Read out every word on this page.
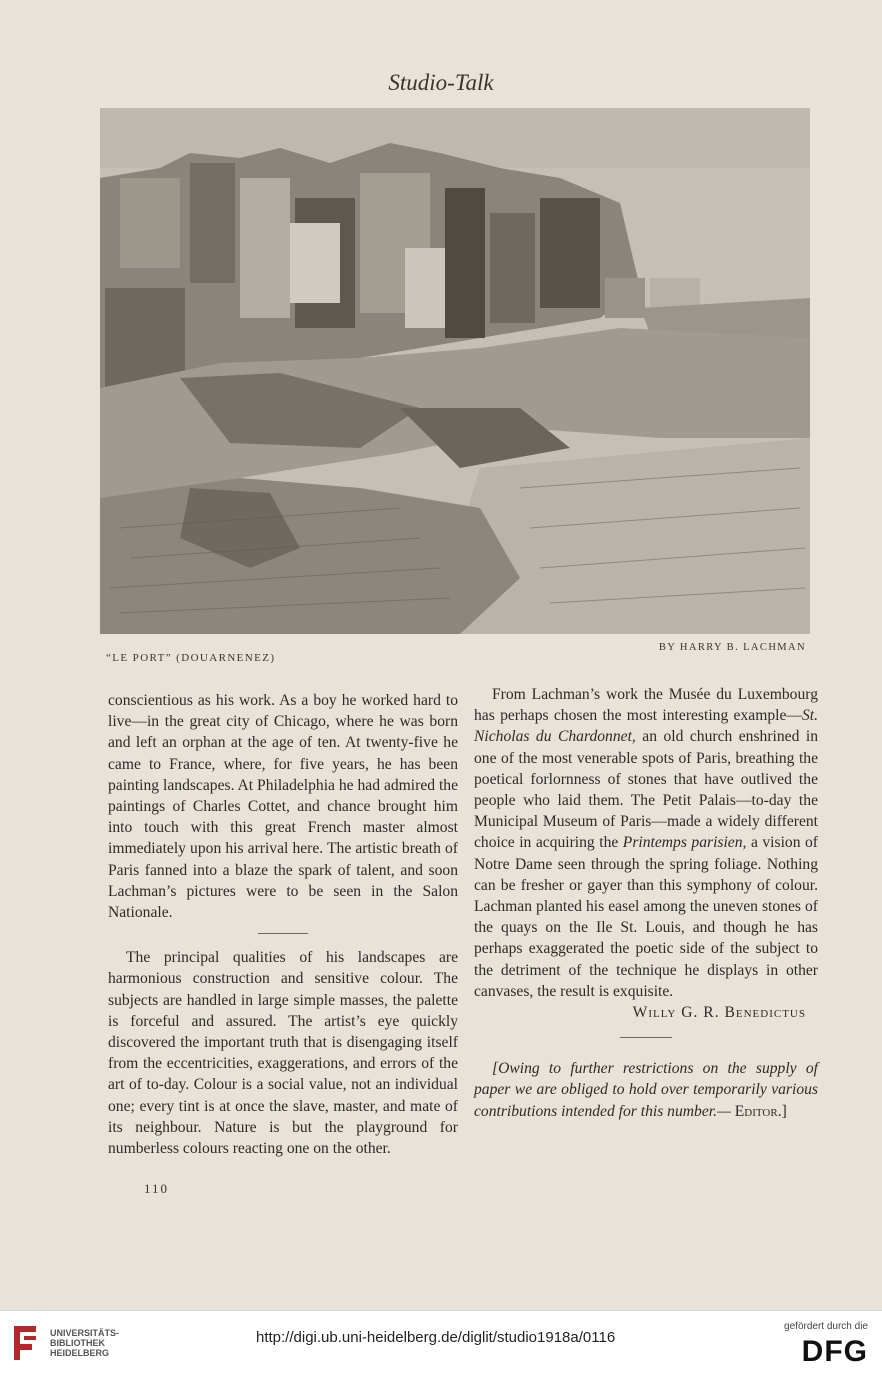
Studio-Talk
“LE PORT” (DOUARNENEZ)
BY HARRY B. LACHMAN

conscientious as his work. As a boy he worked hard to live—in the great city of Chicago, where he was born and left an orphan at the age of ten. At twenty-five he came to France, where, for five years, he has been painting landscapes. At Philadelphia he had admired the paintings of Charles Cottet, and chance brought him into touch with this great French master almost immediately upon his arrival here. The artistic breath of Paris fanned into a blaze the spark of talent, and soon Lachman’s pictures were to be seen in the Salon Nationale.

The principal qualities of his landscapes are harmonious construction and sensitive colour. The subjects are handled in large simple masses, the palette is forceful and assured. The artist’s eye quickly discovered the important truth that is disengaging itself from the eccentricities, exaggerations, and errors of the art of to-day. Colour is a social value, not an individual one; every tint is at once the slave, master, and mate of its neighbour. Nature is but the playground for numberless colours reacting one on the other.

From Lachman’s work the Musée du Luxembourg has perhaps chosen the most interesting example—St. Nicholas du Chardonnet, an old church enshrined in one of the most venerable spots of Paris, breathing the poetical forlornness of stones that have outlived the people who laid them. The Petit Palais—to-day the Municipal Museum of Paris—made a widely different choice in acquiring the Printemps parisien, a vision of Notre Dame seen through the spring foliage. Nothing can be fresher or gayer than this symphony of colour. Lachman planted his easel among the uneven stones of the quays on the Ile St. Louis, and though he has perhaps exaggerated the poetic side of the subject to the detriment of the technique he displays in other canvases, the result is exquisite.

Willy G. R. Benedictus

[Owing to further restrictions on the supply of paper we are obliged to hold over temporarily various contributions intended for this number.— Editor.]

110
UNIVERSITÄTS-
BIBLIOTHEK
HEIDELBERG
http://digi.ub.uni-heidelberg.de/diglit/studio1918a/0116
gefördert durch die
DFG
